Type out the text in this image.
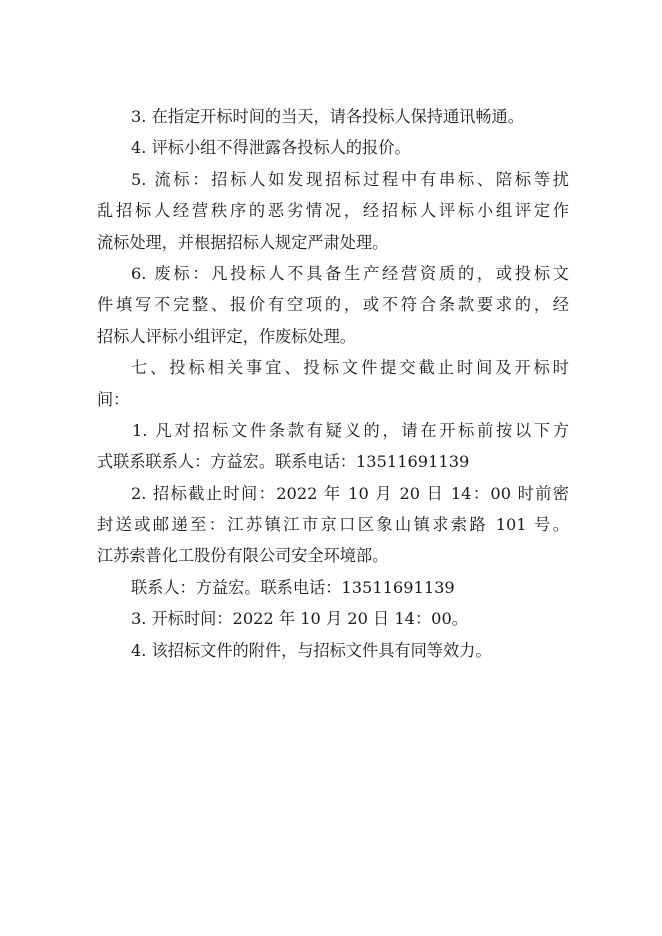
3. 在指定开标时间的当天，请各投标人保持通讯畅通。
4. 评标小组不得泄露各投标人的报价。
5. 流标：招标人如发现招标过程中有串标、陪标等扰
乱招标人经营秩序的恶劣情况，经招标人评标小组评定作
流标处理，并根据招标人规定严肃处理。
6. 废标：凡投标人不具备生产经营资质的，或投标文
件填写不完整、报价有空项的，或不符合条款要求的，经
招标人评标小组评定，作废标处理。
七、投标相关事宜、投标文件提交截止时间及开标时
间：
1. 凡对招标文件条款有疑义的，请在开标前按以下方
式联系联系人：方益宏。联系电话：13511691139
2. 招标截止时间：2022 年 10 月 20 日 14：00 时前密
封送或邮递至：江苏镇江市京口区象山镇求索路 101 号。
江苏索普化工股份有限公司安全环境部。
联系人：方益宏。联系电话：13511691139
3. 开标时间：2022 年 10 月 20 日 14：00。
4. 该招标文件的附件，与招标文件具有同等效力。
